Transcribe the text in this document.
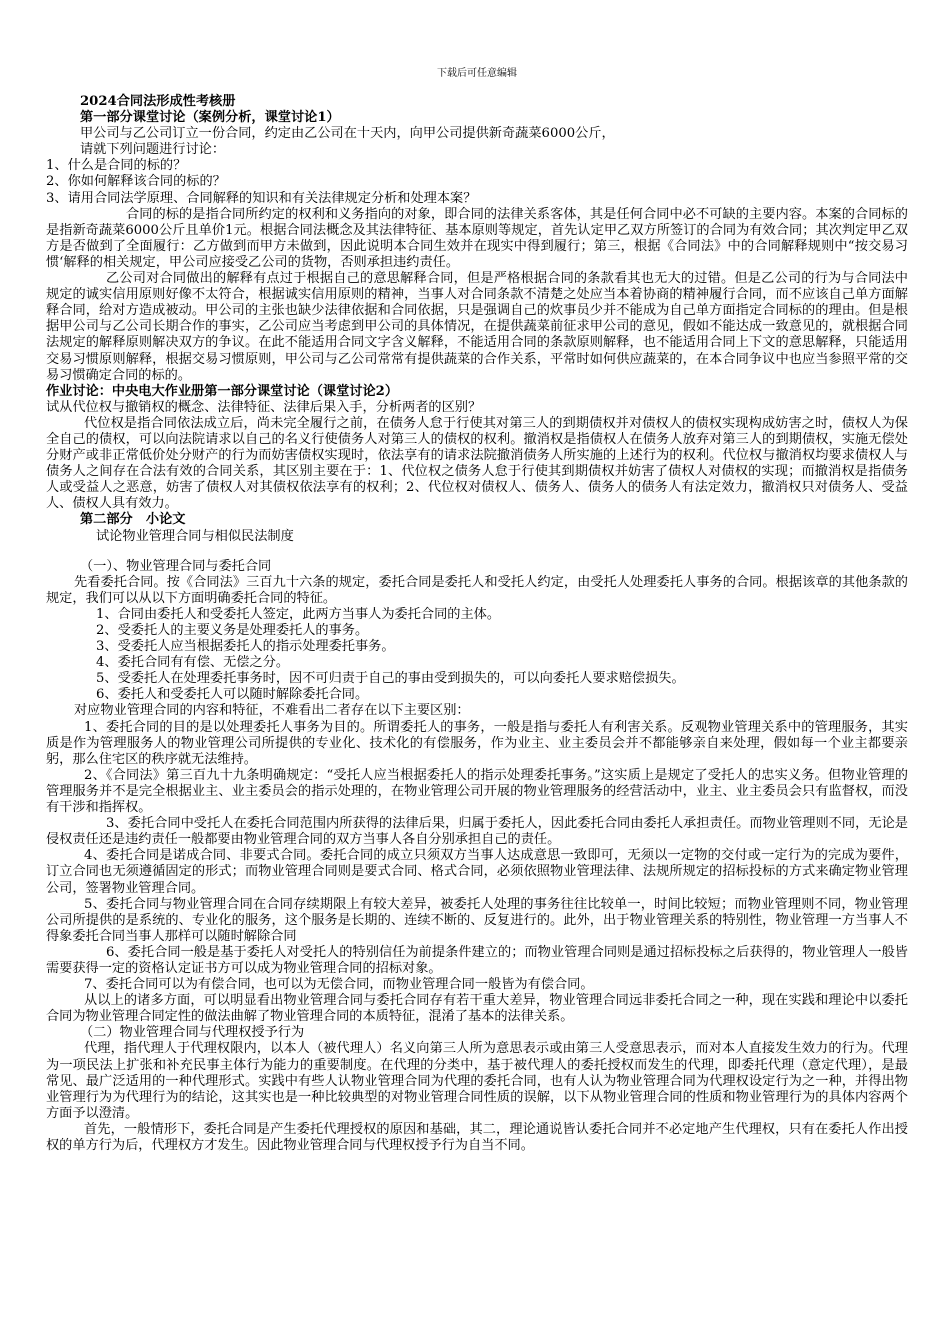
下载后可任意编辑

2024合同法形成性考核册

第一部分课堂讨论（案例分析，课堂讨论1）

甲公司与乙公司订立一份合同，约定由乙公司在十天内，向甲公司提供新奇蔬菜6000公斤，

请就下列问题进行讨论：

1、什么是合同的标的？

2、你如何解释该合同的标的？

3、请用合同法学原理、合同解释的知识和有关法律规定分析和处理本案？

合同的标的是指合同所约定的权利和义务指向的对象，即合同的法律关系客体，其是任何合同中必不可缺的主要内容。本案的合同标的是指新奇蔬菜6000公斤且单价1元。根据合同法概念及其法律特征、基本原则等规定，首先认定甲乙双方所签订的合同为有效合同；其次判定甲乙双方是否做到了全面履行：乙方做到而甲方未做到，因此说明本合同生效并在现实中得到履行；第三，根据《合同法》中的合同解释规则中“按交易习惯‘解释的相关规定，甲公司应接受乙公司的货物，否则承担违约责任。

乙公司对合同做出的解释有点过于根据自己的意思解释合同，但是严格根据合同的条款看其也无大的过错。但是乙公司的行为与合同法中规定的诚实信用原则好像不太符合，根据诚实信用原则的精神，当事人对合同条款不清楚之处应当本着协商的精神履行合同，而不应该自己单方面解释合同，给对方造成被动。甲公司的主张也缺少法律依据和合同依据，只是强调自己的炊事员少并不能成为自己单方面指定合同标的的理由。但是根据甲公司与乙公司长期合作的事实，乙公司应当考虑到甲公司的具体情况，在提供蔬菜前征求甲公司的意见，假如不能达成一致意见的，就根据合同法规定的解释原则解决双方的争议。在此不能适用合同文字含义解释，不能适用合同的条款原则解释，也不能适用合同上下文的意思解释，只能适用交易习惯原则解释，根据交易习惯原则，甲公司与乙公司常常有提供蔬菜的合作关系，平常时如何供应蔬菜的，在本合同争议中也应当参照平常的交易习惯确定合同的标的。

作业讨论：中央电大作业册第一部分课堂讨论（课堂讨论2）

试从代位权与撤销权的概念、法律特征、法律后果入手，分析两者的区别？

代位权是指合同依法成立后，尚未完全履行之前，在债务人怠于行使其对第三人的到期债权并对债权人的债权实现构成妨害之时，债权人为保全自己的债权，可以向法院请求以自己的名义行使债务人对第三人的债权的权利。撤消权是指债权人在债务人放弃对第三人的到期债权，实施无偿处分财产或非正常低价处分财产的行为而妨害债权实现时，依法享有的请求法院撤消债务人所实施的上述行为的权利。代位权与撤消权均要求债权人与债务人之间存在合法有效的合同关系，其区别主要在于：1、代位权之债务人怠于行使其到期债权并妨害了债权人对债权的实现；而撤消权是指债务人或受益人之恶意，妨害了债权人对其债权依法享有的权利；2、代位权对债权人、债务人、债务人的债务人有法定效力，撤消权只对债务人、受益人、债权人具有效力。

第二部分　小论文

试论物业管理合同与相似民法制度

（一）、物业管理合同与委托合同

先看委托合同。按《合同法》三百九十六条的规定，委托合同是委托人和受托人约定，由受托人处理委托人事务的合同。根据该章的其他条款的规定，我们可以从以下方面明确委托合同的特征。

1、合同由委托人和受委托人签定，此两方当事人为委托合同的主体。

2、受委托人的主要义务是处理委托人的事务。

3、受委托人应当根据委托人的指示处理委托事务。

4、委托合同有有偿、无偿之分。

5、受委托人在处理委托事务时，因不可归责于自己的事由受到损失的，可以向委托人要求赔偿损失。

6、委托人和受委托人可以随时解除委托合同。

对应物业管理合同的内容和特征，不难看出二者存在以下主要区别：

1、委托合同的目的是以处理委托人事务为目的。所谓委托人的事务，一般是指与委托人有利害关系。反观物业管理关系中的管理服务，其实质是作为管理服务人的物业管理公司所提供的专业化、技术化的有偿服务，作为业主、业主委员会并不都能够亲自来处理，假如每一个业主都要亲躬，那么住宅区的秩序就无法维持。

2、《合同法》第三百九十九条明确规定：“受托人应当根据委托人的指示处理委托事务。”这实质上是规定了受托人的忠实义务。但物业管理的管理服务并不是完全根据业主、业主委员会的指示处理的，在物业管理公司开展的物业管理服务的经营活动中，业主、业主委员会只有监督权，而没有干涉和指挥权。

3、委托合同中受托人在委托合同范围内所获得的法律后果，归属于委托人，因此委托合同由委托人承担责任。而物业管理则不同，无论是侵权责任还是违约责任一般都要由物业管理合同的双方当事人各自分别承担自己的责任。

4、委托合同是诺成合同、非要式合同。委托合同的成立只须双方当事人达成意思一致即可，无须以一定物的交付或一定行为的完成为要件，订立合同也无须遵循固定的形式；而物业管理合同则是要式合同、格式合同，必须依照物业管理法律、法规所规定的招标投标的方式来确定物业管理公司，签署物业管理合同。

5、委托合同与物业管理合同在合同存续期限上有较大差异，被委托人处理的事务往往比较单一，时间比较短；而物业管理则不同，物业管理公司所提供的是系统的、专业化的服务，这个服务是长期的、连续不断的、反复进行的。此外，出于物业管理关系的特别性，物业管理一方当事人不得象委托合同当事人那样可以随时解除合同

6、委托合同一般是基于委托人对受托人的特别信任为前提条件建立的；而物业管理合同则是通过招标投标之后获得的，物业管理人一般皆需要获得一定的资格认定证书方可以成为物业管理合同的招标对象。

7、委托合同可以为有偿合同，也可以为无偿合同，而物业管理合同一般皆为有偿合同。

从以上的诸多方面，可以明显看出物业管理合同与委托合同存有若干重大差异，物业管理合同远非委托合同之一种，现在实践和理论中以委托合同为物业管理合同定性的做法曲解了物业管理合同的本质特征，混淆了基本的法律关系。

（二）物业管理合同与代理权授予行为

代理，指代理人于代理权限内，以本人（被代理人）名义向第三人所为意思表示或由第三人受意思表示，而对本人直接发生效力的行为。代理为一项民法上扩张和补充民事主体行为能力的重要制度。在代理的分类中，基于被代理人的委托授权而发生的代理，即委托代理（意定代理），是最常见、最广泛适用的一种代理形式。实践中有些人认物业管理合同为代理的委托合同，也有人认为物业管理合同为代理权设定行为之一种，并得出物业管理行为为代理行为的结论，这其实也是一种比较典型的对物业管理合同性质的误解，以下从物业管理合同的性质和物业管理行为的具体内容两个方面予以澄清。

首先，一般情形下，委托合同是产生委托代理授权的原因和基础，其二，理论通说皆认委托合同并不必定地产生代理权，只有在委托人作出授权的单方行为后，代理权方才发生。因此物业管理合同与代理权授予行为自当不同。
